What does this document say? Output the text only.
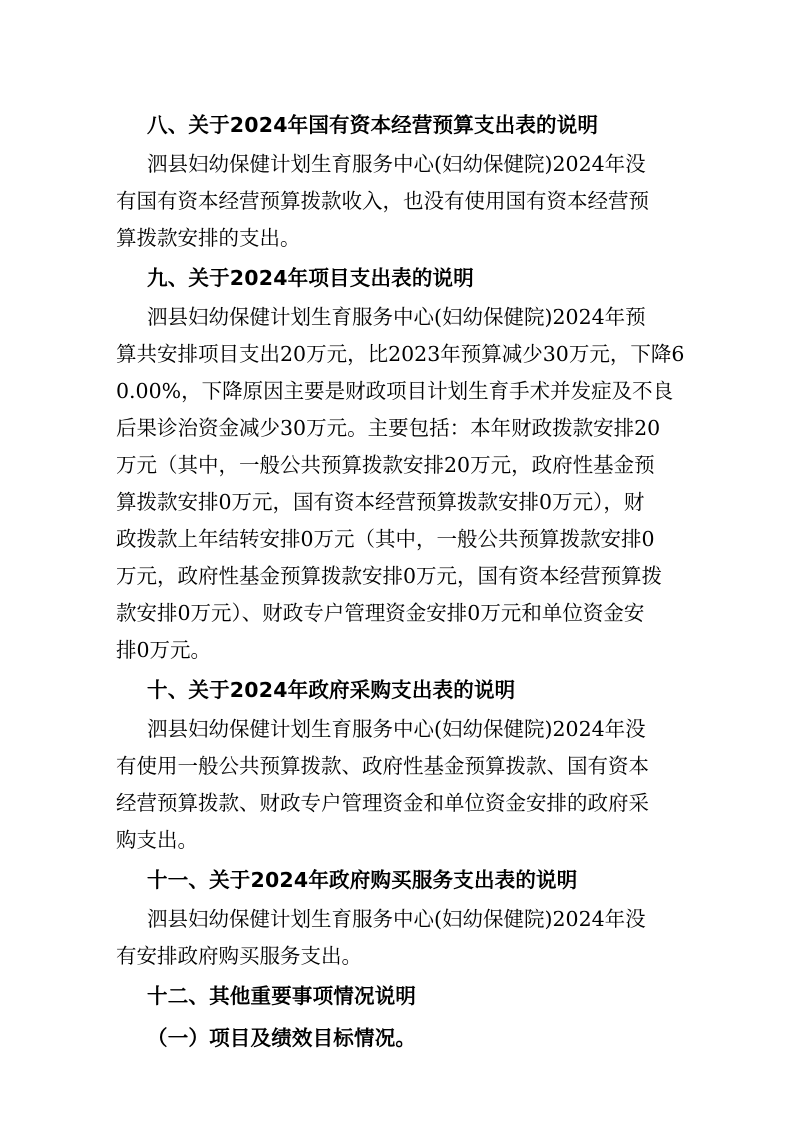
八、关于2024年国有资本经营预算支出表的说明
泗县妇幼保健计划生育服务中心(妇幼保健院)2024年没
有国有资本经营预算拨款收入，也没有使用国有资本经营预
算拨款安排的支出。
九、关于2024年项目支出表的说明
泗县妇幼保健计划生育服务中心(妇幼保健院)2024年预
算共安排项目支出20万元，比2023年预算减少30万元，下降6
0.00%，下降原因主要是财政项目计划生育手术并发症及不良
后果诊治资金减少30万元。主要包括：本年财政拨款安排20
万元（其中，一般公共预算拨款安排20万元，政府性基金预
算拨款安排0万元，国有资本经营预算拨款安排0万元），财
政拨款上年结转安排0万元（其中，一般公共预算拨款安排0
万元，政府性基金预算拨款安排0万元，国有资本经营预算拨
款安排0万元）、财政专户管理资金安排0万元和单位资金安
排0万元。
十、关于2024年政府采购支出表的说明
泗县妇幼保健计划生育服务中心(妇幼保健院)2024年没
有使用一般公共预算拨款、政府性基金预算拨款、国有资本
经营预算拨款、财政专户管理资金和单位资金安排的政府采
购支出。
十一、关于2024年政府购买服务支出表的说明
泗县妇幼保健计划生育服务中心(妇幼保健院)2024年没
有安排政府购买服务支出。
十二、其他重要事项情况说明
（一）项目及绩效目标情况。
